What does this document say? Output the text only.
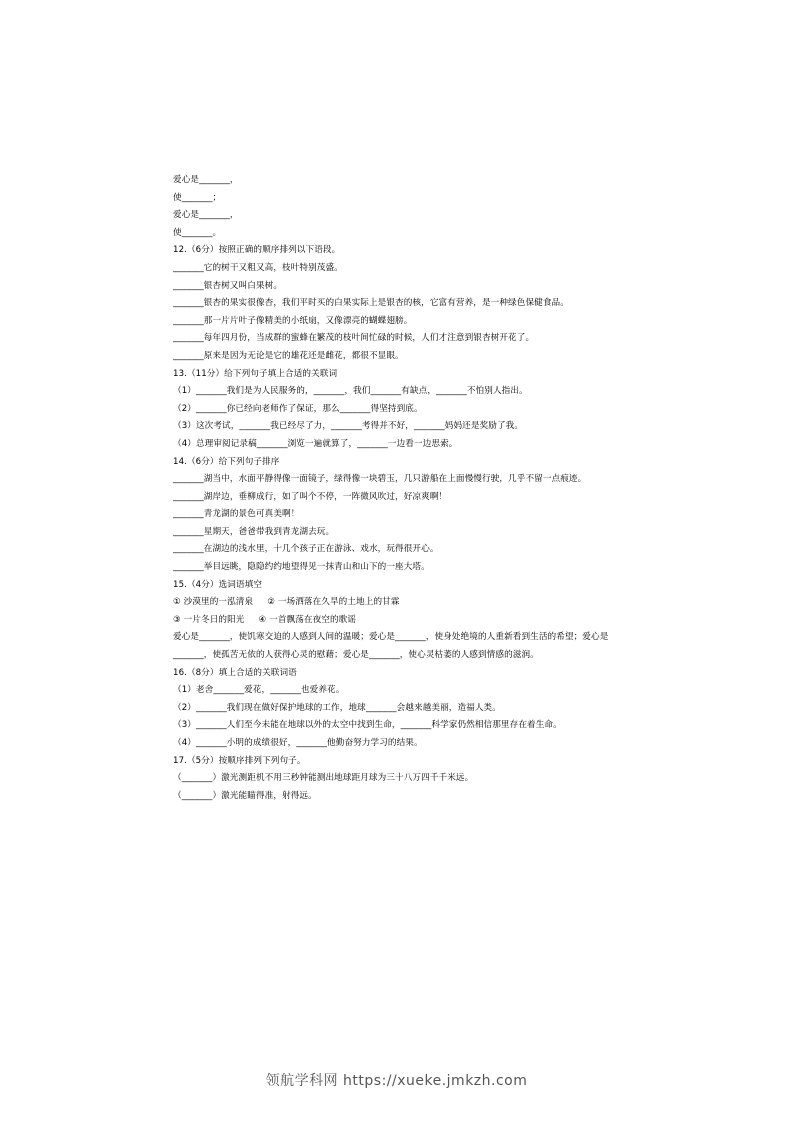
爱心是_______，
使_______；
爱心是_______，
使_______。
12.（6分）按照正确的顺序排列以下语段。
_______它的树干又粗又高，枝叶特别茂盛。
_______银杏树又叫白果树。
_______银杏的果实很像杏，我们平时买的白果实际上是银杏的核，它富有营养，是一种绿色保健食品。
_______那一片片叶子像精美的小纸扇，又像漂亮的蝴蝶翅膀。
_______每年四月份，当成群的蜜蜂在繁茂的枝叶间忙碌的时候，人们才注意到银杏树开花了。
_______原来是因为无论是它的雄花还是雌花，都很不显眼。
13.（11分）给下列句子填上合适的关联词
（1）_______我们是为人民服务的，_______，我们_______有缺点，_______不怕别人指出。
（2）_______你已经向老师作了保证，那么_______得坚持到底。
（3）这次考试，_______我已经尽了力，_______考得并不好，_______妈妈还是奖励了我。
（4）总理审阅记录稿_______浏览一遍就算了，_______一边看一边思索。
14.（6分）给下列句子排序
_______湖当中，水面平静得像一面镜子，绿得像一块碧玉，几只游船在上面慢慢行驶，几乎不留一点痕迹。
_______湖岸边，垂柳成行，如了叫个不停，一阵微风吹过，好凉爽啊！
_______青龙湖的景色可真美啊！
_______星期天，爸爸带我到青龙湖去玩。
_______在湖边的浅水里，十几个孩子正在游泳、戏水，玩得很开心。
_______举目远眺，隐隐约约地望得见一抹青山和山下的一座大塔。
15.（4分）选词语填空
① 沙漠里的一泓清泉 ② 一场洒落在久旱的土地上的甘霖
③ 一片冬日的阳光 ④ 一首飘荡在夜空的歌谣
爱心是_______，使饥寒交迫的人感到人间的温暖；爱心是_______，使身处绝境的人重新看到生活的希望；爱心是_______，使孤苦无依的人获得心灵的慰藉；爱心是_______，使心灵枯萎的人感到情感的滋润。
16.（8分）填上合适的关联词语
（1）老舍_______爱花，_______也爱养花。
（2）_______我们现在做好保护地球的工作，地球_______会越来越美丽，造福人类。
（3）_______人们至今未能在地球以外的太空中找到生命，_______科学家仍然相信那里存在着生命。
（4）_______小明的成绩很好，_______他勤奋努力学习的结果。
17.（5分）按顺序排列下列句子。
（_______）激光测距机不用三秒钟能测出地球距月球为三十八万四千千米远。
（_______）激光能瞄得准，射得远。
领航学科网 https://xueke.jmkzh.com
